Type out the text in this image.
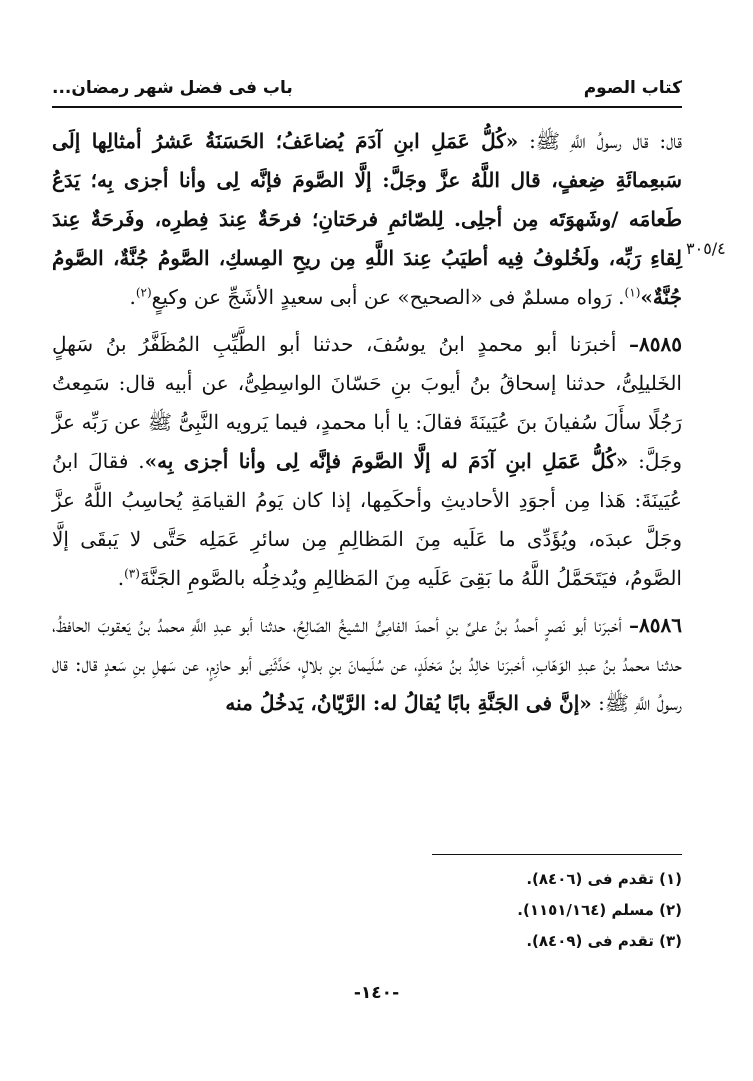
كتاب الصوم
باب فى فضل شهر رمضان...
٣٠٥/٤

قال: قال رسولُ اللَّهِ ﷺ: «كُلُّ عَمَلِ ابنِ آدَمَ يُضاعَفُ؛ الحَسَنَةُ عَشرُ أمثالِها إلَى سَبعِمائَةِ ضِعفٍ، قال اللَّهُ عزَّ وجَلَّ: إلَّا الصَّومَ فإنَّه لِى وأنا أجزى بِه؛ يَدَعُ طَعامَه /وشَهوَتَه مِن أجلِى. لِلصّائمِ فرحَتانِ؛ فرحَةٌ عِندَ فِطرِه، وفَرحَةٌ عِندَ لِقاءِ رَبِّه، ولَخُلوفُ فِيه أطيَبُ عِندَ اللَّهِ مِن ريحِ المِسكِ، الصَّومُ جُنَّةٌ، الصَّومُ جُنَّةٌ»$^{(١)}$. رَواه مسلمٌ فى «الصحيح» عن أبى سعيدٍ الأشَجِّ عن وكيعٍ$^{(٢)}$.

٨٥٨٥– أخبرَنا أبو محمدٍ ابنُ يوسُفَ، حدثنا أبو الطَّيِّبِ المُظَفَّرُ بنُ سَهلٍ الخَليلِىُّ، حدثنا إسحاقُ بنُ أيوبَ بنِ حَسّانَ الواسِطِىُّ، عن أبيه قال: سَمِعتُ رَجُلًا سأَلَ سُفيانَ بنَ عُيَينَةَ فقالَ: يا أبا محمدٍ، فيما يَرويه النَّبِىُّ ﷺ عن رَبِّه عزَّ وجَلَّ: «كُلُّ عَمَلِ ابنِ آدَمَ له إلَّا الصَّومَ فإنَّه لِى وأنا أجزى بِه». فقالَ ابنُ عُيَينَةَ: هَذا مِن أجوَدِ الأحاديثِ وأحكَمِها، إذا كان يَومُ القيامَةِ يُحاسِبُ اللَّهُ عزَّ وجَلَّ عبدَه، ويُؤَدِّى ما عَلَيه مِنَ المَظالِمِ مِن سائرِ عَمَلِه حَتَّى لا يَبقَى إلَّا الصَّومُ، فيَتَحَمَّلُ اللَّهُ ما بَقِىَ عَلَيه مِنَ المَظالِمِ ويُدخِلُه بالصَّومِ الجَنَّةَ$^{(٣)}$.

٨٥٨٦– أخبرَنا أبو نَصرٍ أحمدُ بنُ علىِّ بنِ أحمدَ الفامِىُّ الشيخُ الصّالِحُ، حدثنا أبو عبدِ اللَّهِ محمدُ بنُ يَعقوبَ الحافظُ، حدثنا محمدُ بنُ عبدِ الوَهّابِ، أخبرَنا خالِدُ بنُ مَخلَدٍ، عن سُلَيمانَ بنِ بلالٍ، حَدَّثَنِى أبو حازِمٍ، عن سَهلِ بنِ سَعدٍ قال: قال رسولُ اللَّهِ ﷺ: «إنَّ فى الجَنَّةِ بابًا يُقالُ له: الرَّيّانُ، يَدخُلُ منه

(١) تقدم فى (٨٤٠٦).
(٢) مسلم (١١٥١/١٦٤).
(٣) تقدم فى (٨٤٠٩).
-١٤٠-
